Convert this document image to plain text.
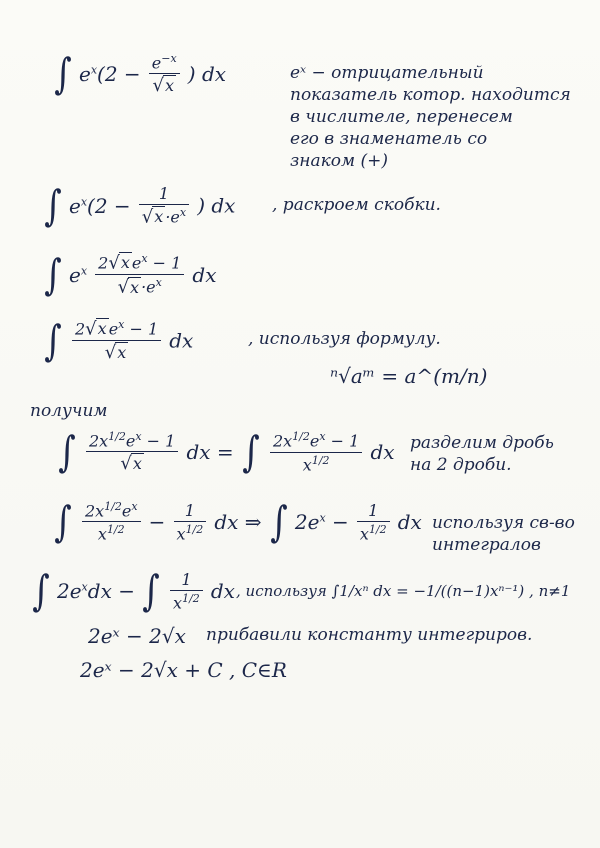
∫ $e^x(2 - \frac{e^{-x}}{√x}$ ) dx	eˣ − отрицательный
показатель котор. находится
в числителе, перенесем
его в знаменатель со
знаком (+)
∫ $e^x(2 - \frac{1}{√x \cdot e^x}$ ) dx , раскроем скобки.
∫ $e^x \frac{2√x e^x - 1}{√x \cdot e^x}$ dx
∫ $\frac{2√x e^x - 1}{√x}$ dx	, используя формулу.
ⁿ√aᵐ = a^(m/n)
получим
∫ $\frac{2x^{1/2}e^x - 1}{√x}$ dx = ∫ $\frac{2x^{1/2}e^x - 1}{x^{1/2}}$ dx разделим дробь
на 2 дроби.
∫ $\frac{2x^{1/2}e^x}{x^{1/2}} - \frac{1}{x^{1/2}}$ dx ⇒ ∫ $2e^x - \frac{1}{x^{1/2}}$ dx используя св-во
интегралов
∫ $2e^xdx$ − ∫ $\frac{1}{x^{1/2}}$ dx , используя ∫1/xⁿ dx = −1/((n−1)xⁿ⁻¹) , n≠1
2eˣ − 2√x прибавили константу интегриров.
2eˣ − 2√x + C , C∈R
